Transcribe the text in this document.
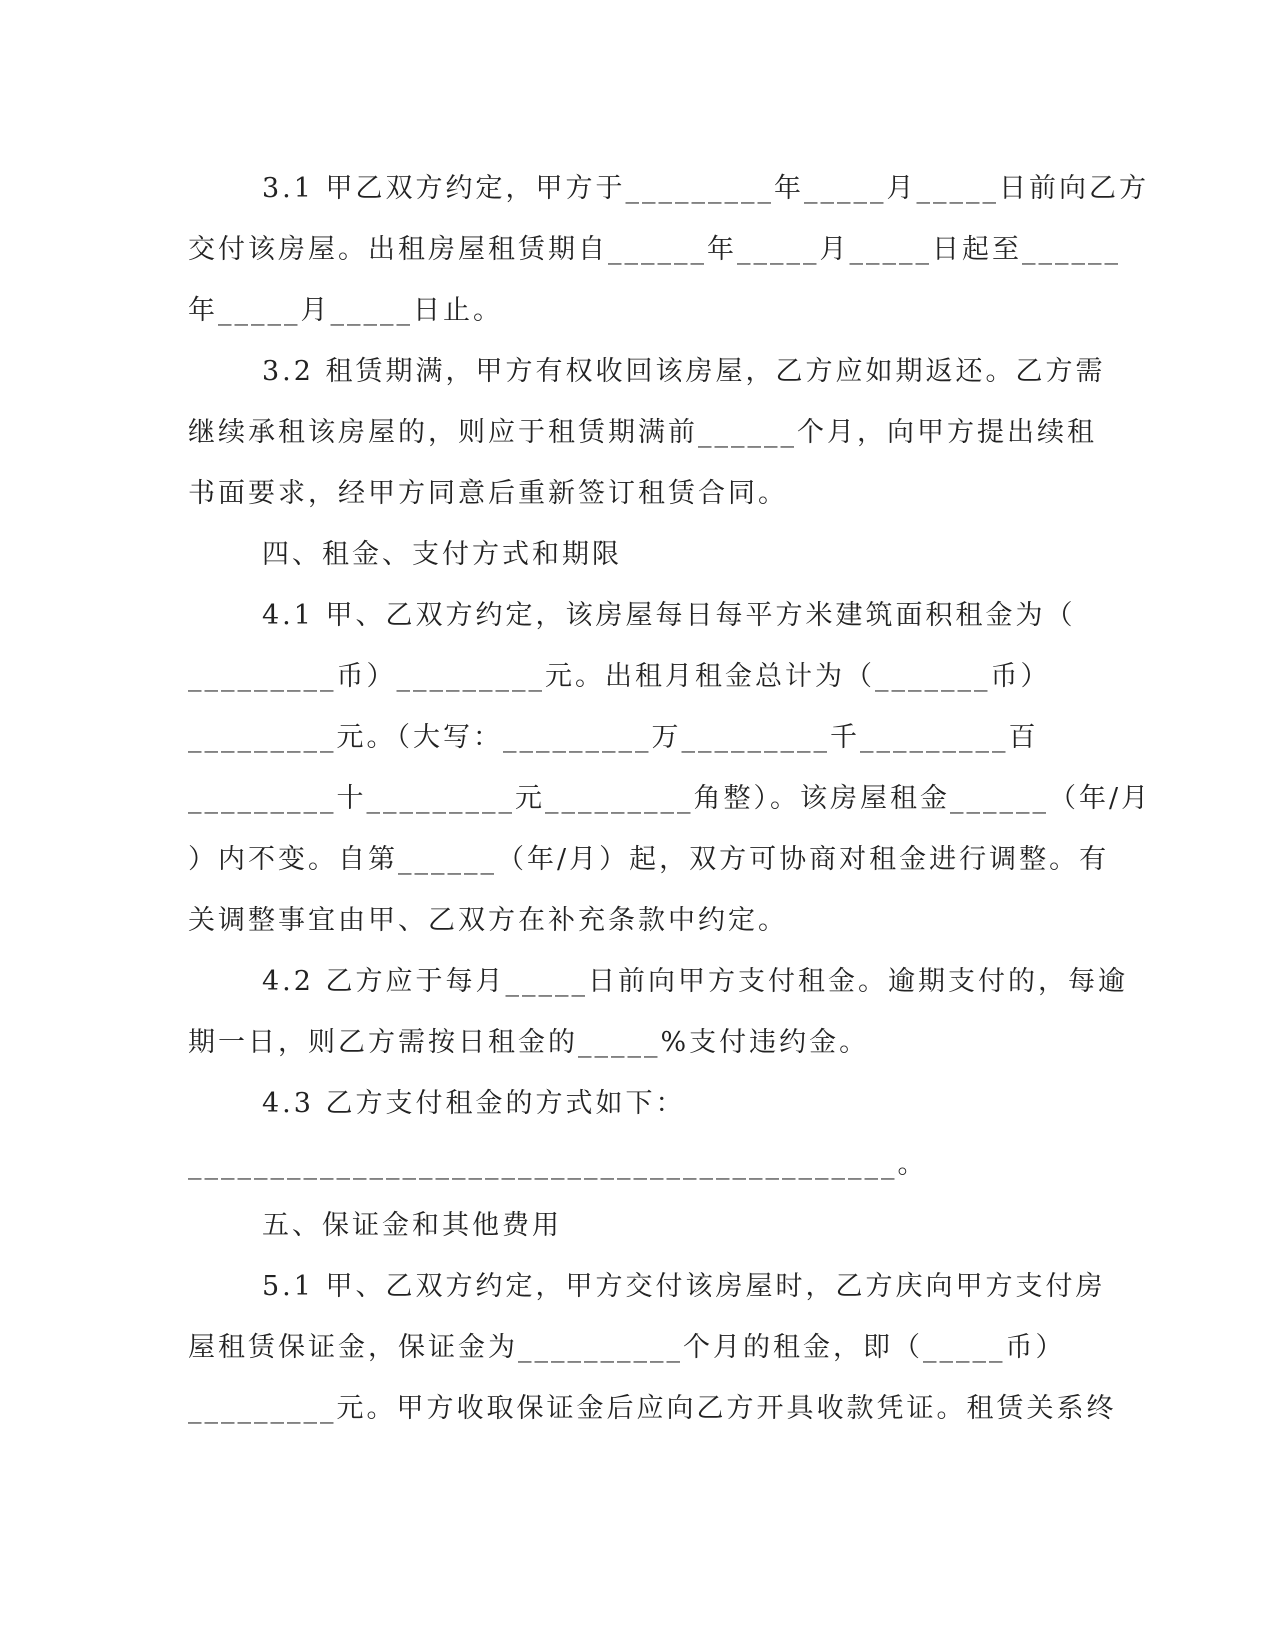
3.1 甲乙双方约定，甲方于_________年_____月_____日前向乙方
交付该房屋。出租房屋租赁期自______年_____月_____日起至______
年_____月_____日止。
3.2 租赁期满，甲方有权收回该房屋，乙方应如期返还。乙方需
继续承租该房屋的，则应于租赁期满前______个月，向甲方提出续租
书面要求，经甲方同意后重新签订租赁合同。
四、租金、支付方式和期限
4.1 甲、乙双方约定，该房屋每日每平方米建筑面积租金为（
_________币）_________元。出租月租金总计为（_______币）
_________元。（大写：_________万_________千_________百
_________十_________元_________角整）。该房屋租金______（年/月
）内不变。自第______（年/月）起，双方可协商对租金进行调整。有
关调整事宜由甲、乙双方在补充条款中约定。
4.2 乙方应于每月_____日前向甲方支付租金。逾期支付的，每逾
期一日，则乙方需按日租金的_____%支付违约金。
4.3 乙方支付租金的方式如下：
___________________________________________。
五、保证金和其他费用
5.1 甲、乙双方约定，甲方交付该房屋时，乙方庆向甲方支付房
屋租赁保证金，保证金为__________个月的租金，即（_____币）
_________元。甲方收取保证金后应向乙方开具收款凭证。租赁关系终
